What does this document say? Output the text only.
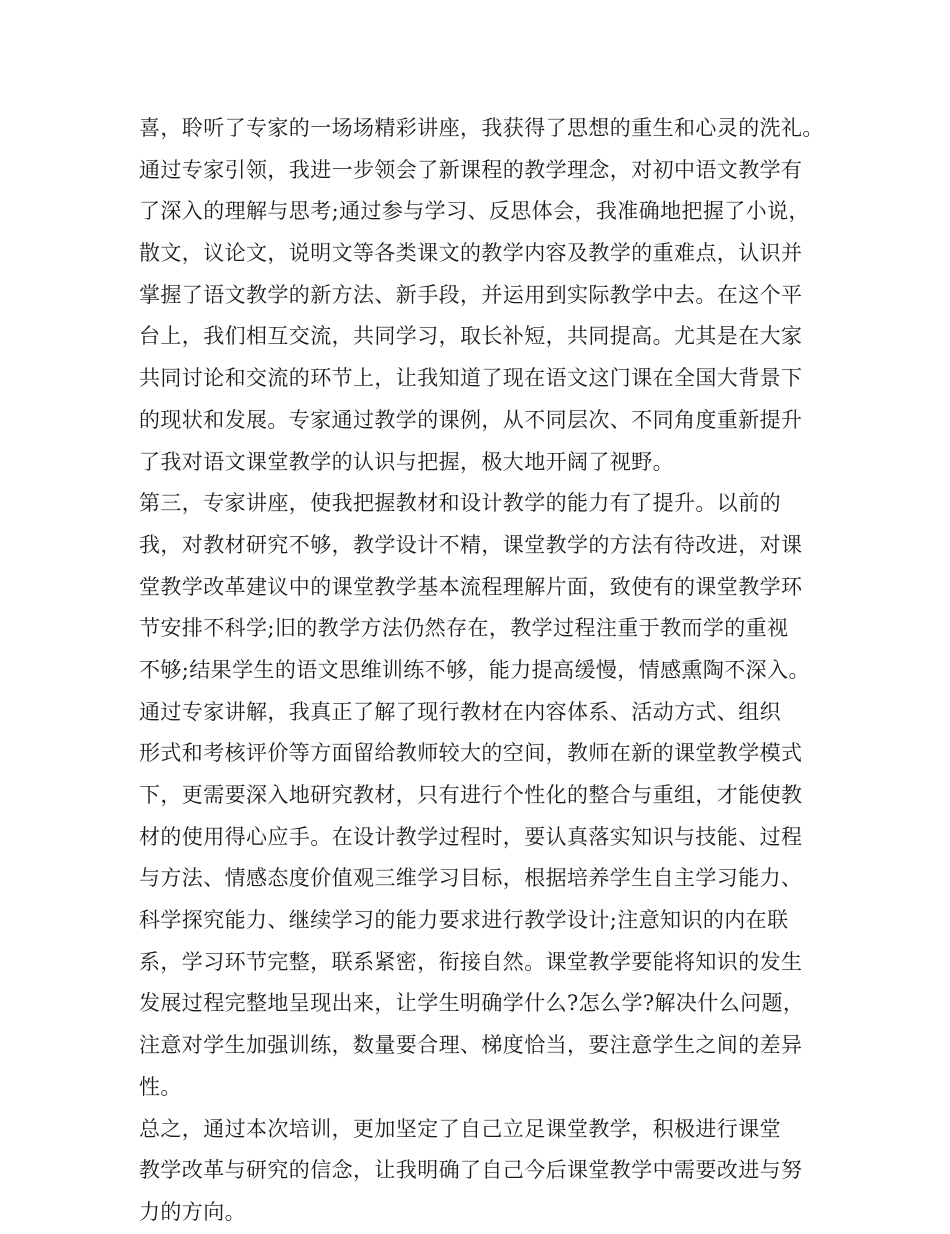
喜，聆听了专家的一场场精彩讲座，我获得了思想的重生和心灵的洗礼。
通过专家引领，我进一步领会了新课程的教学理念，对初中语文教学有
了深入的理解与思考;通过参与学习、反思体会，我准确地把握了小说，
散文，议论文，说明文等各类课文的教学内容及教学的重难点，认识并
掌握了语文教学的新方法、新手段，并运用到实际教学中去。在这个平
台上，我们相互交流，共同学习，取长补短，共同提高。尤其是在大家
共同讨论和交流的环节上，让我知道了现在语文这门课在全国大背景下
的现状和发展。专家通过教学的课例，从不同层次、不同角度重新提升
了我对语文课堂教学的认识与把握，极大地开阔了视野。
第三，专家讲座，使我把握教材和设计教学的能力有了提升。以前的
我，对教材研究不够，教学设计不精，课堂教学的方法有待改进，对课
堂教学改革建议中的课堂教学基本流程理解片面，致使有的课堂教学环
节安排不科学;旧的教学方法仍然存在，教学过程注重于教而学的重视
不够;结果学生的语文思维训练不够，能力提高缓慢，情感熏陶不深入。
通过专家讲解，我真正了解了现行教材在内容体系、活动方式、组织
形式和考核评价等方面留给教师较大的空间，教师在新的课堂教学模式
下，更需要深入地研究教材，只有进行个性化的整合与重组，才能使教
材的使用得心应手。在设计教学过程时，要认真落实知识与技能、过程
与方法、情感态度价值观三维学习目标，根据培养学生自主学习能力、
科学探究能力、继续学习的能力要求进行教学设计;注意知识的内在联
系，学习环节完整，联系紧密，衔接自然。课堂教学要能将知识的发生
发展过程完整地呈现出来，让学生明确学什么?怎么学?解决什么问题，
注意对学生加强训练，数量要合理、梯度恰当，要注意学生之间的差异
性。
总之，通过本次培训，更加坚定了自己立足课堂教学，积极进行课堂
教学改革与研究的信念，让我明确了自己今后课堂教学中需要改进与努
力的方向。
